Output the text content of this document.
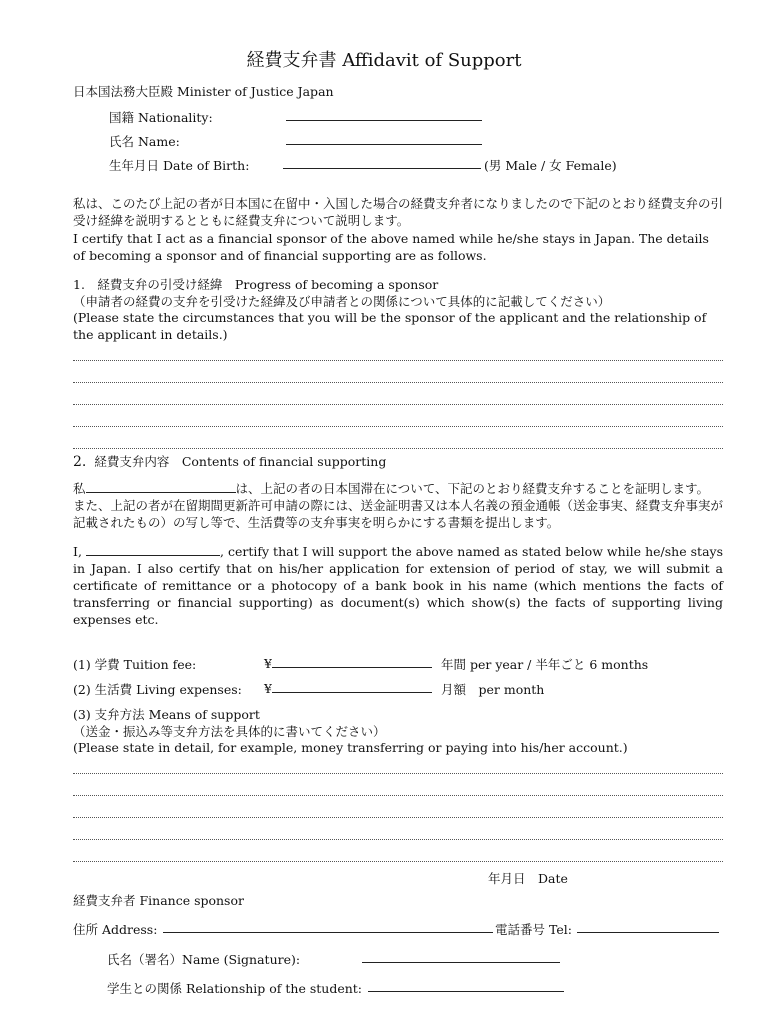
経費支弁書 Affidavit of Support
日本国法務大臣殿 Minister of Justice Japan
国籍 Nationality:
氏名 Name:
生年月日 Date of Birth:	(男 Male / 女 Female)
私は、このたび上記の者が日本国に在留中・入国した場合の経費支弁者になりましたので下記のとおり経費支弁の引受け経緯を説明するとともに経費支弁について説明します。
I certify that I act as a financial sponsor of the above named while he/she stays in Japan. The details of becoming a sponsor and of financial supporting are as follows.
1.　経費支弁の引受け経緯　Progress of becoming a sponsor
（申請者の経費の支弁を引受けた経緯及び申請者との関係について具体的に記載してください）
(Please state the circumstances that you will be the sponsor of the applicant and the relationship of the applicant in details.)
2. 経費支弁内容　Contents of financial supporting
私	は、上記の者の日本国滞在について、下記のとおり経費支弁することを証明します。
また、上記の者が在留期間更新許可申請の際には、送金証明書又は本人名義の預金通帳（送金事実、経費支弁事実が記載されたもの）の写し等で、生活費等の支弁事実を明らかにする書類を提出します。
I,	, certify that I will support the above named as stated below while he/she stays in Japan. I also certify that on his/her application for extension of period of stay, we will submit a certificate of remittance or a photocopy of a bank book in his name (which mentions the facts of transferring or financial supporting) as document(s) which show(s) the facts of supporting living expenses etc.
(1) 学費 Tuition fee:	¥	年間 per year / 半年ごと 6 months
(2) 生活費 Living expenses: ¥	月額　per month
(3) 支弁方法 Means of support
（送金・振込み等支弁方法を具体的に書いてください）
(Please state in detail, for example, money transferring or paying into his/her account.)
年月日　Date
経費支弁者 Finance sponsor
住所 Address:	電話番号 Tel:
氏名（署名）Name (Signature):
学生との関係 Relationship of the student:
